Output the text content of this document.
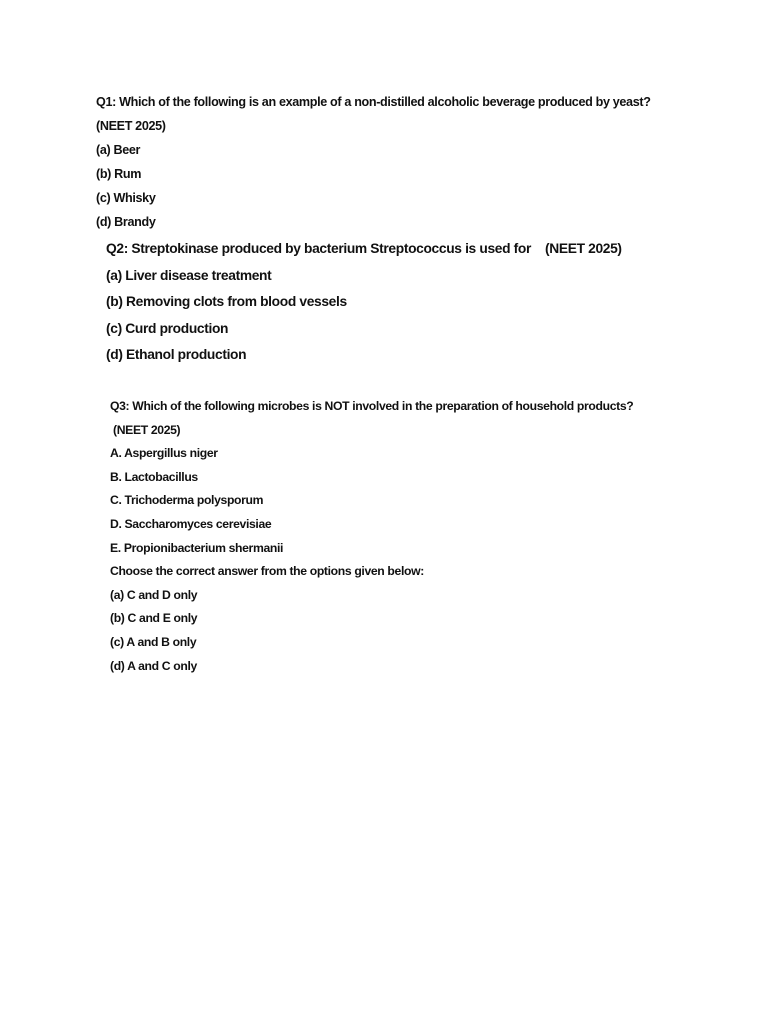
Q1: Which of the following is an example of a non-distilled alcoholic beverage produced by yeast?
(NEET 2025)
(a) Beer
(b) Rum
(c) Whisky
(d) Brandy
Q2: Streptokinase produced by bacterium Streptococcus is used for (NEET 2025)
(a) Liver disease treatment
(b) Removing clots from blood vessels
(c) Curd production
(d) Ethanol production
Q3: Which of the following microbes is NOT involved in the preparation of household products?
(NEET 2025)
A. Aspergillus niger
B. Lactobacillus
C. Trichoderma polysporum
D. Saccharomyces cerevisiae
E. Propionibacterium shermanii
Choose the correct answer from the options given below:
(a) C and D only
(b) C and E only
(c) A and B only
(d) A and C only
